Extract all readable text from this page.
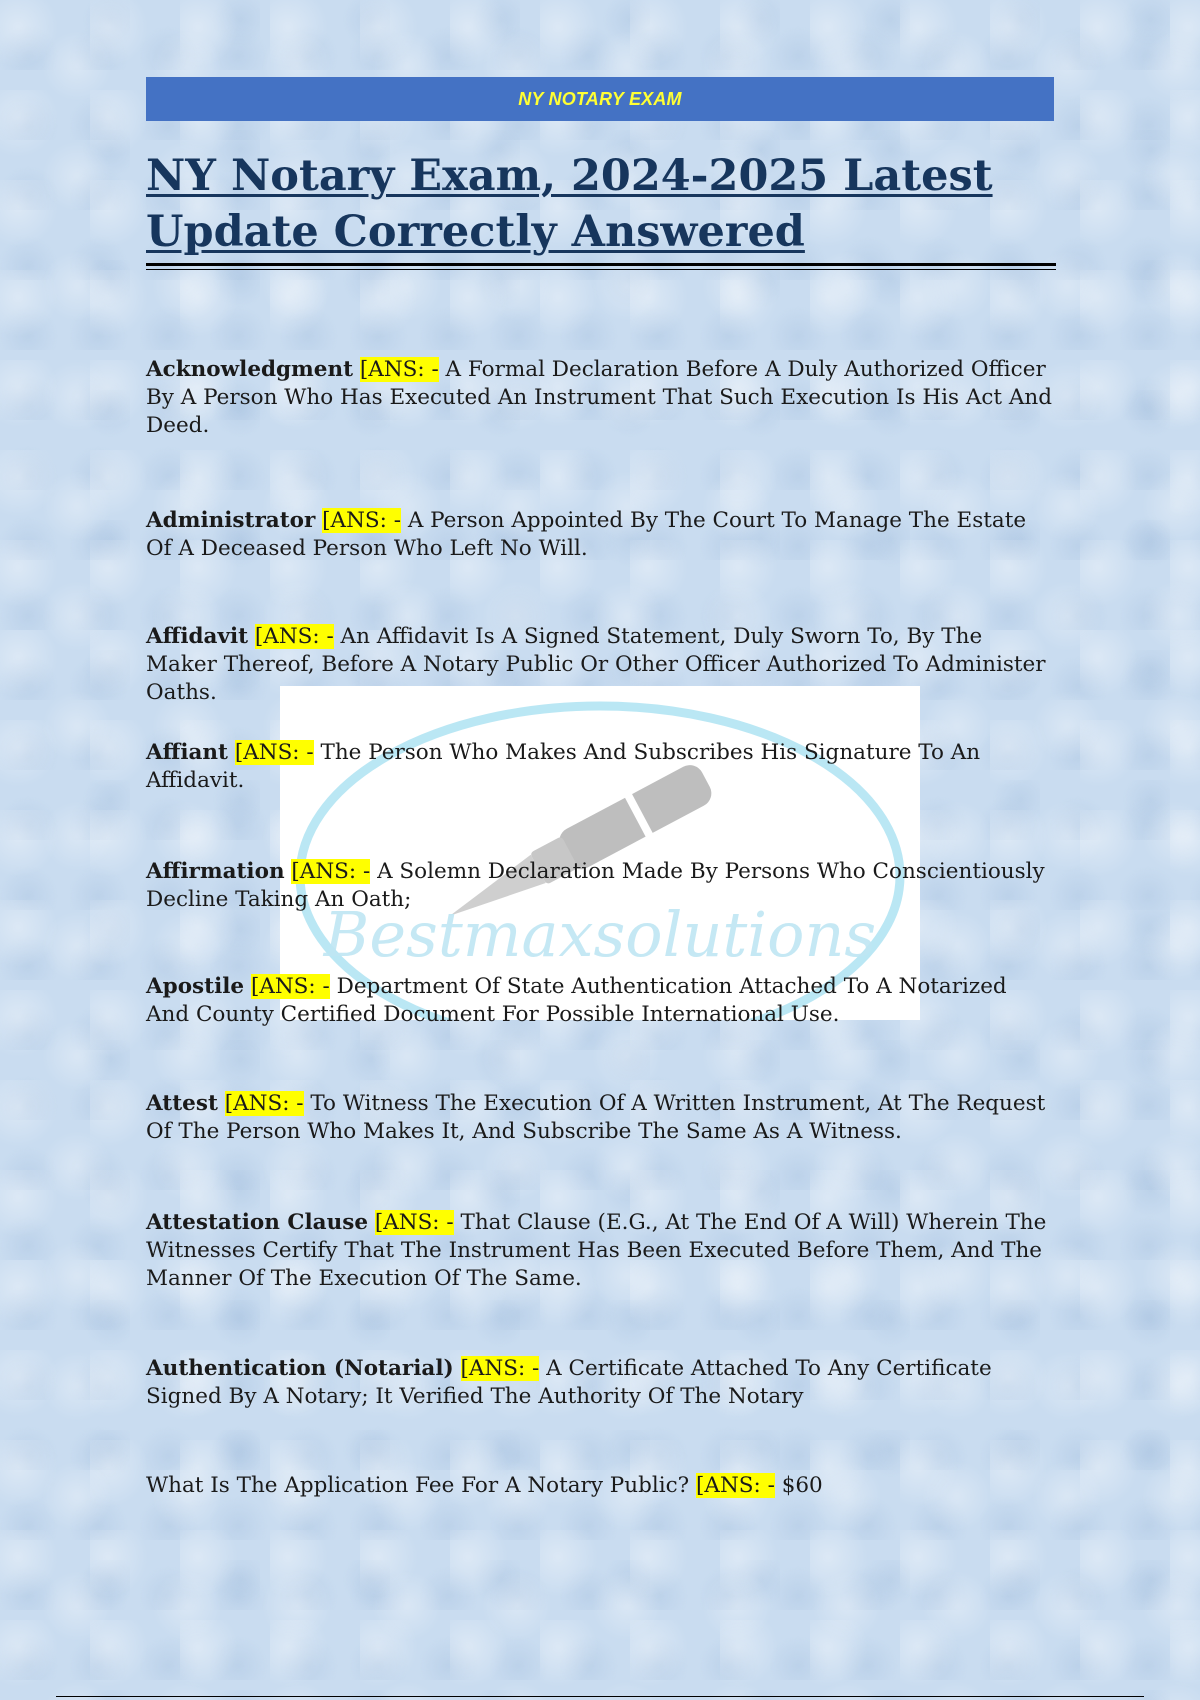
NY NOTARY EXAM
NY Notary Exam, 2024-2025 Latest Update Correctly Answered
Bestmaxsolutions

Acknowledgment [ANS: - A Formal Declaration Before A Duly Authorized Officer By A Person Who Has Executed An Instrument That Such Execution Is His Act And Deed.

Administrator [ANS: - A Person Appointed By The Court To Manage The Estate Of A Deceased Person Who Left No Will.

Affidavit [ANS: - An Affidavit Is A Signed Statement, Duly Sworn To, By The Maker Thereof, Before A Notary Public Or Other Officer Authorized To Administer Oaths.

Affiant [ANS: - The Person Who Makes And Subscribes His Signature To An Affidavit.

Affirmation [ANS: - A Solemn Declaration Made By Persons Who Conscientiously Decline Taking An Oath;

Apostile [ANS: - Department Of State Authentication Attached To A Notarized And County Certified Document For Possible International Use.

Attest [ANS: - To Witness The Execution Of A Written Instrument, At The Request Of The Person Who Makes It, And Subscribe The Same As A Witness.

Attestation Clause [ANS: - That Clause (E.G., At The End Of A Will) Wherein The Witnesses Certify That The Instrument Has Been Executed Before Them, And The Manner Of The Execution Of The Same.

Authentication (Notarial) [ANS: - A Certificate Attached To Any Certificate Signed By A Notary; It Verified The Authority Of The Notary

What Is The Application Fee For A Notary Public? [ANS: - $60
